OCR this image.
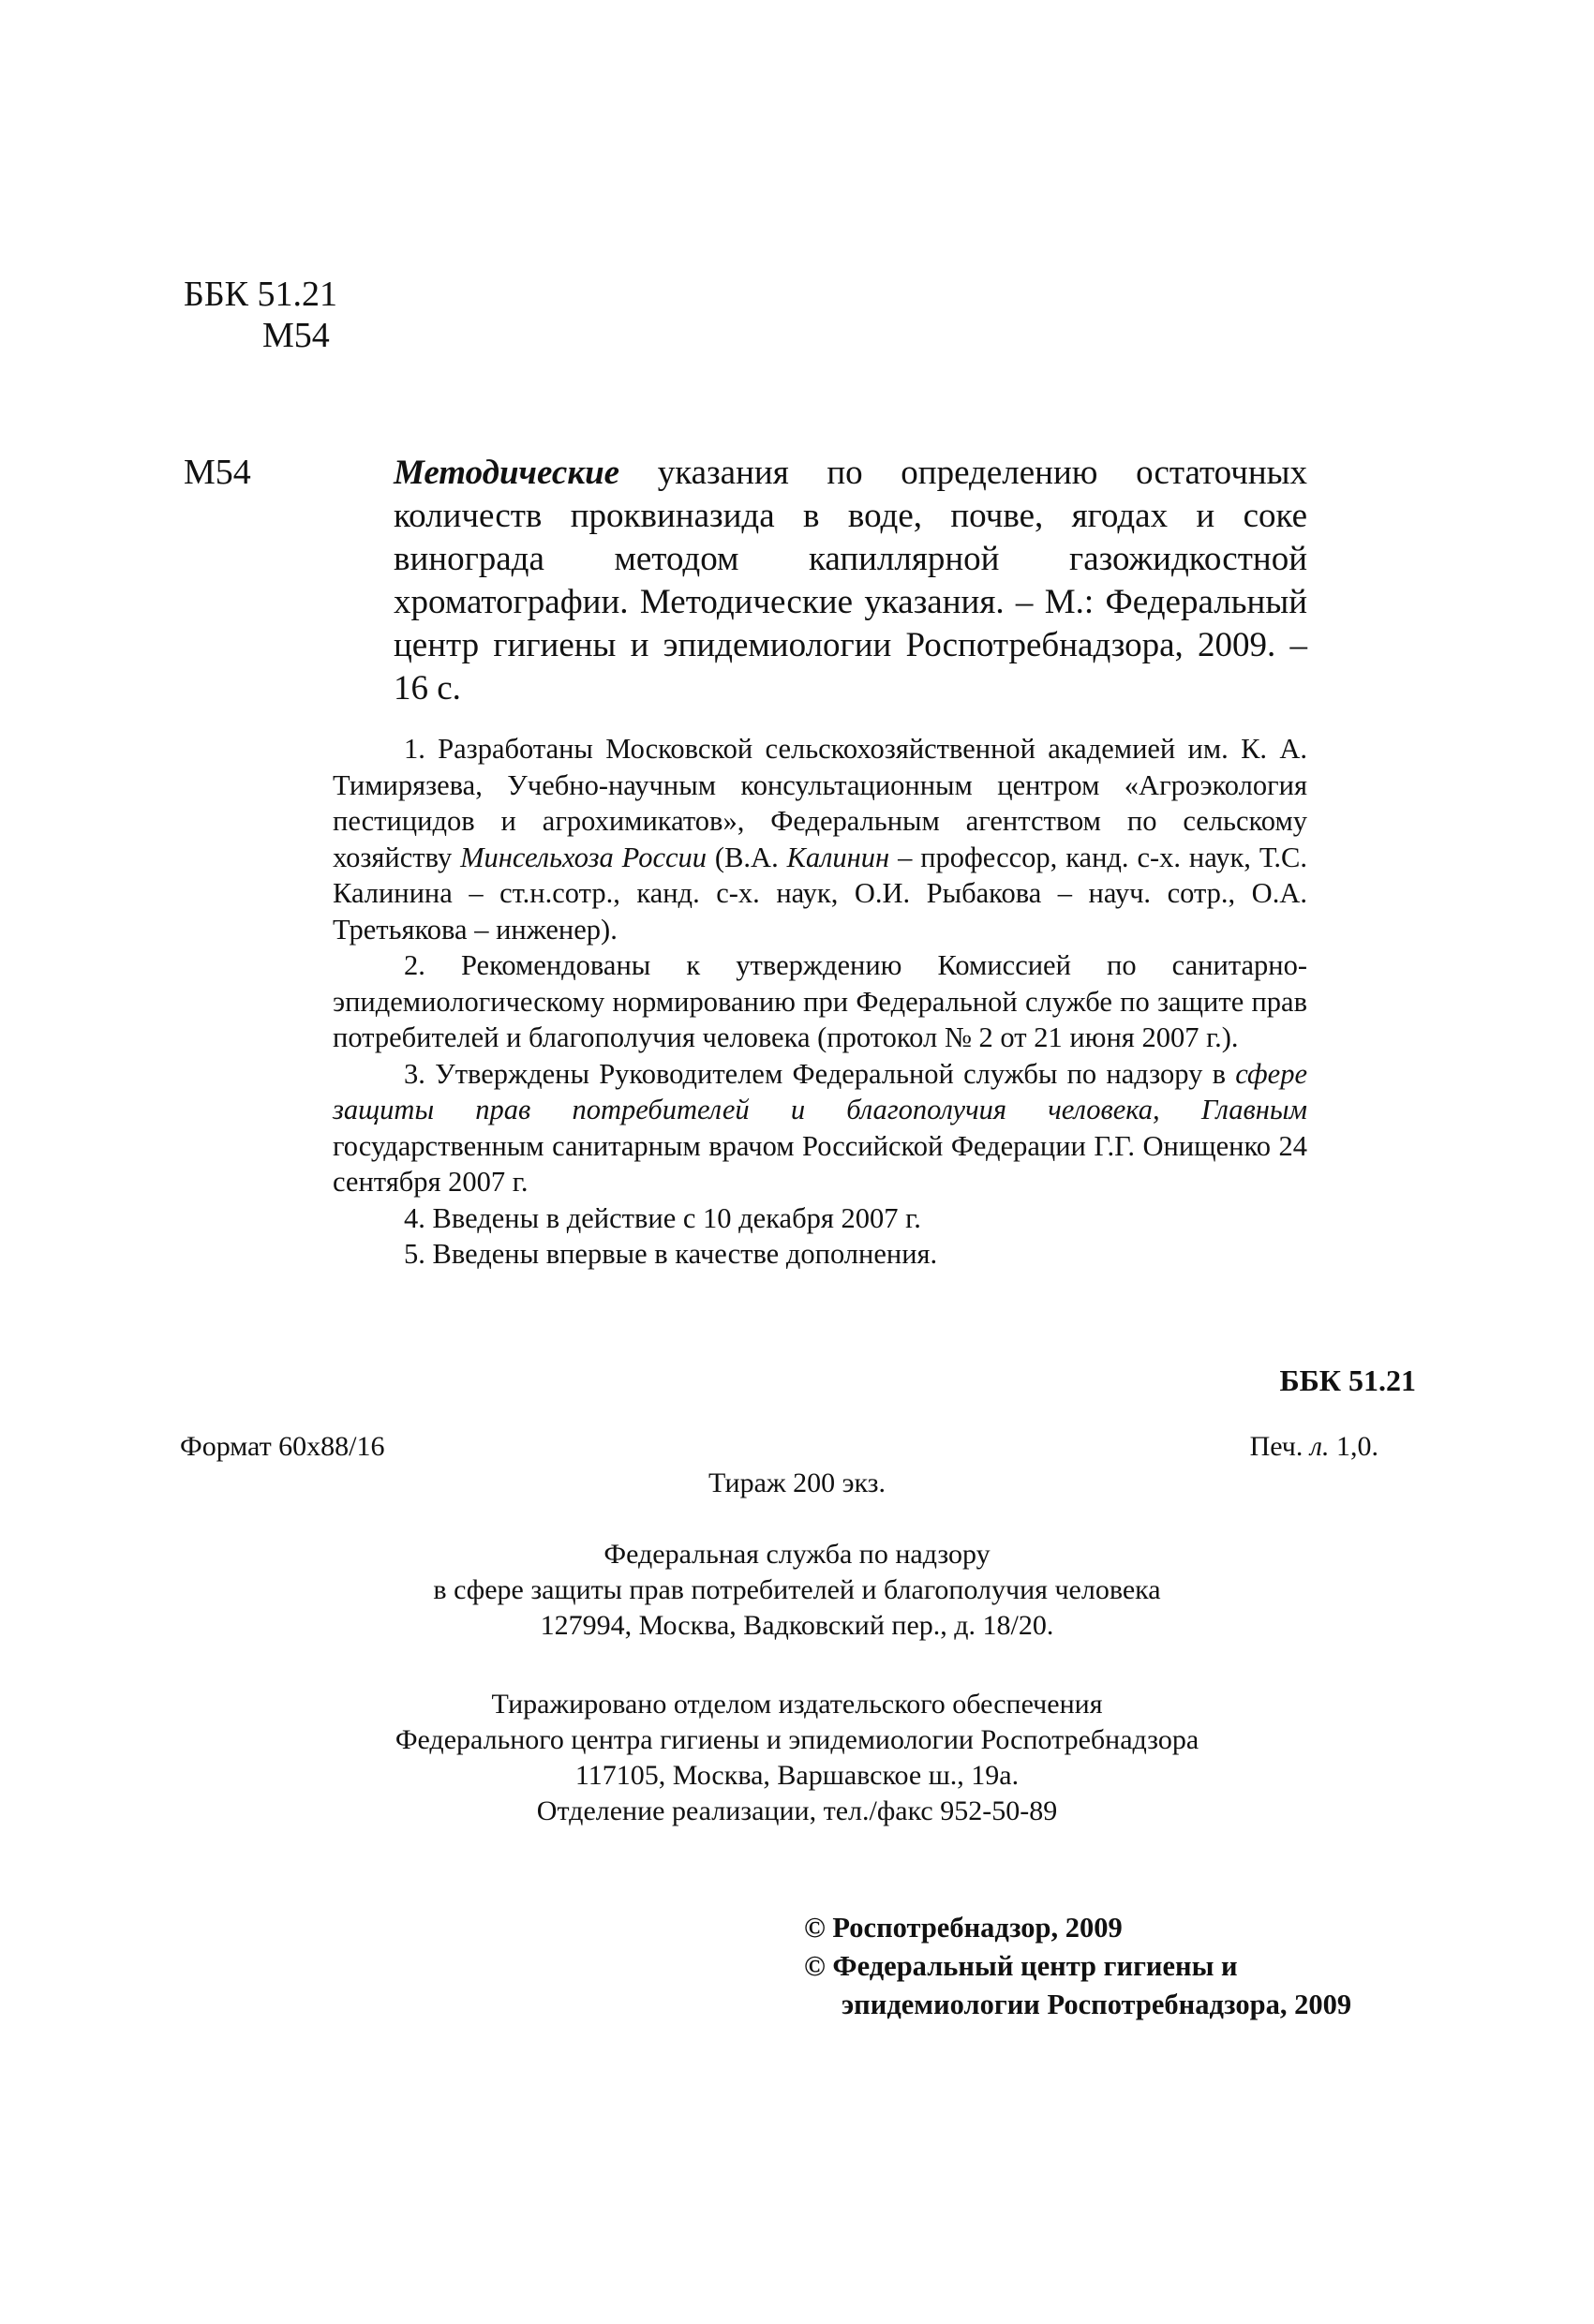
ББК 51.21
М54
М54	Методические указания по определению остаточных количеств проквиназида в воде, почве, ягодах и соке винограда методом капиллярной газожидкостной хроматографии. Методические указания. – М.: Федеральный центр гигиены и эпидемиологии Роспотребнадзора, 2009. – 16 с.

1. Разработаны Московской сельскохозяйственной академией им. К. А. Тимирязева, Учебно-научным консультационным центром «Агроэкология пестицидов и агрохимикатов», Федеральным агентством по сельскому хозяйству Минсельхоза России (В.А. Калинин – профессор, канд. с-х. наук, Т.С. Калинина – ст.н.сотр., канд. с-х. наук, О.И. Рыбакова – науч. сотр., О.А. Третьякова – инженер).

2. Рекомендованы к утверждению Комиссией по санитарно-эпидемиологическому нормированию при Федеральной службе по защите прав потребителей и благополучия человека (протокол № 2 от 21 июня 2007 г.).

3. Утверждены Руководителем Федеральной службы по надзору в сфере защиты прав потребителей и благополучия человека, Главным государственным санитарным врачом Российской Федерации Г.Г. Онищенко 24 сентября 2007 г.

4. Введены в действие с 10 декабря 2007 г.

5. Введены впервые в качестве дополнения.

ББК 51.21
Формат 60x88/16	Печ. л. 1,0.
Тираж 200 экз.
Федеральная служба по надзору
в сфере защиты прав потребителей и благополучия человека
127994, Москва, Вадковский пер., д. 18/20.
Тиражировано отделом издательского обеспечения
Федерального центра гигиены и эпидемиологии Роспотребнадзора
117105, Москва, Варшавское ш., 19а.
Отделение реализации, тел./факс 952-50-89
© Роспотребнадзор, 2009
© Федеральный центр гигиены и
эпидемиологии Роспотребнадзора, 2009
